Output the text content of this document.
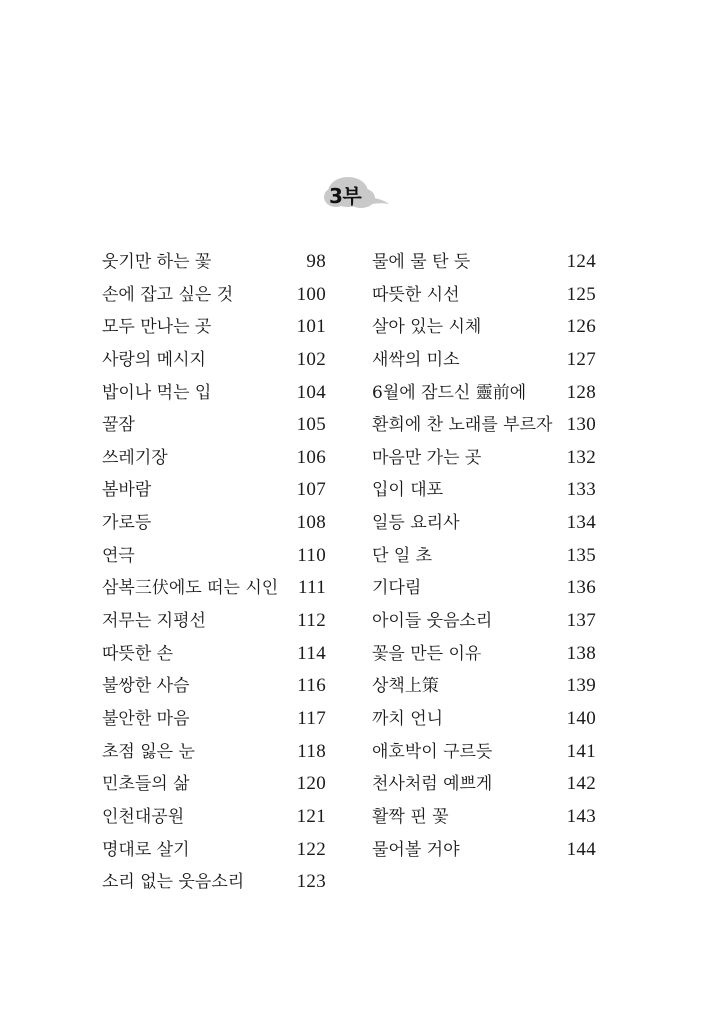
3부
웃기만 하는 꽃	98
손에 잡고 싶은 것	100
모두 만나는 곳	101
사랑의 메시지	102
밥이나 먹는 입	104
꿀잠	105
쓰레기장	106
봄바람	107
가로등	108
연극	110
삼복三伏에도 떠는 시인 111
저무는 지평선	112
따뜻한 손	114
불쌍한 사슴	116
불안한 마음	117
초점 잃은 눈	118
민초들의 삶	120
인천대공원	121
명대로 살기	122
소리 없는 웃음소리	123
물에 물 탄 듯	124
따뜻한 시선	125
살아 있는 시체	126
새싹의 미소	127
6월에 잠드신 靈前에 128
환희에 찬 노래를 부르자 130
마음만 가는 곳	132
입이 대포	133
일등 요리사	134
단 일 초	135
기다림	136
아이들 웃음소리	137
꽃을 만든 이유	138
상책上策	139
까치 언니	140
애호박이 구르듯	141
천사처럼 예쁘게	142
활짝 핀 꽃	143
물어볼 거야	144
